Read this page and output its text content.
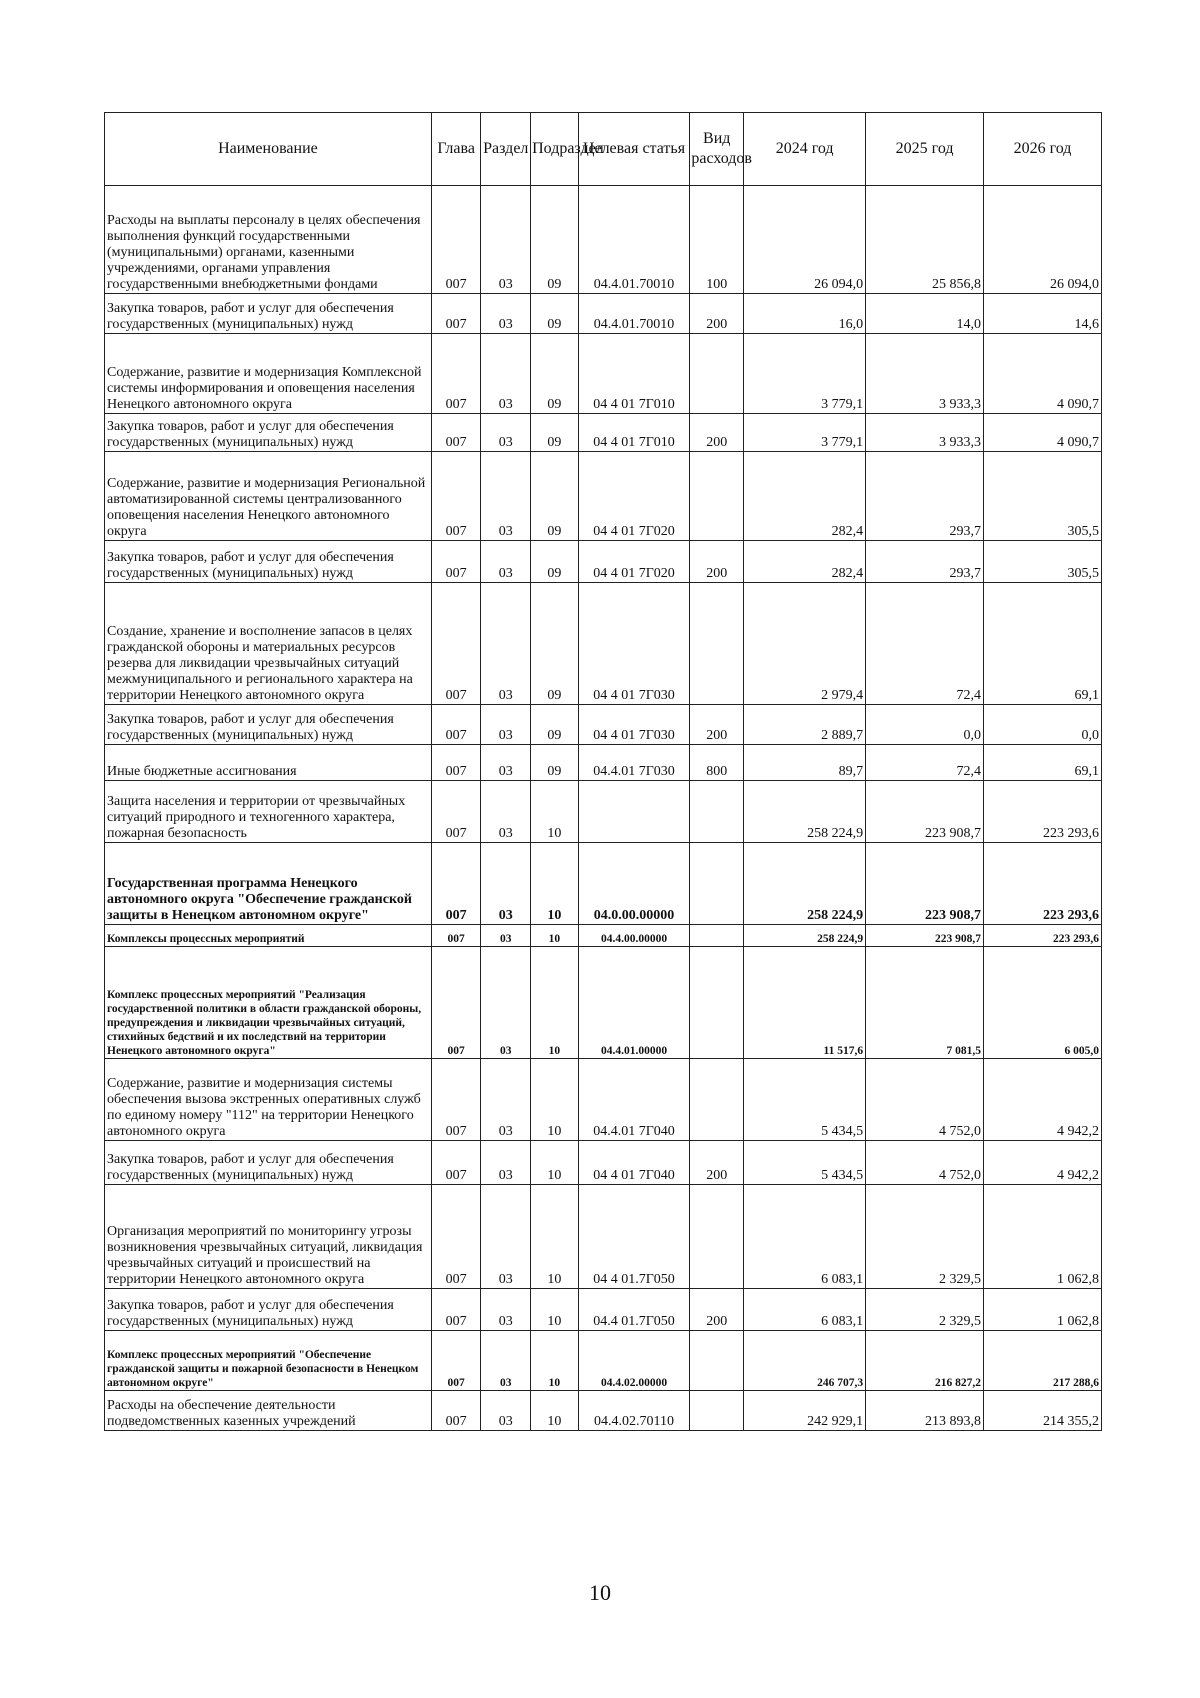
Наименование	Глава	Раздел	Подраздел	Целевая статья	Вид расходов	2024 год	2025 год	2026 год
Расходы на выплаты персоналу в целях обеспечения выполнения функций государственными (муниципальными) органами, казенными учреждениями, органами управления государственными внебюджетными фондами	007	03	09	04.4.01.70010	100	26 094,0	25 856,8	26 094,0
Закупка товаров, работ и услуг для обеспечения государственных (муниципальных) нужд	007	03	09	04.4.01.70010	200	16,0	14,0	14,6
Содержание, развитие и модернизация Комплексной системы информирования и оповещения населения Ненецкого автономного округа	007	03	09	04 4 01 7Г010		3 779,1	3 933,3	4 090,7
Закупка товаров, работ и услуг для обеспечения государственных (муниципальных) нужд	007	03	09	04 4 01 7Г010	200	3 779,1	3 933,3	4 090,7
Содержание, развитие и модернизация Региональной автоматизированной системы централизованного оповещения населения Ненецкого автономного округа	007	03	09	04 4 01 7Г020		282,4	293,7	305,5
Закупка товаров, работ и услуг для обеспечения государственных (муниципальных) нужд	007	03	09	04 4 01 7Г020	200	282,4	293,7	305,5
Создание, хранение и восполнение запасов в целях гражданской обороны и материальных ресурсов резерва для ликвидации чрезвычайных ситуаций межмуниципального и регионального характера на территории Ненецкого автономного округа	007	03	09	04 4 01 7Г030		2 979,4	72,4	69,1
Закупка товаров, работ и услуг для обеспечения государственных (муниципальных) нужд	007	03	09	04 4 01 7Г030	200	2 889,7	0,0	0,0
Иные бюджетные ассигнования	007	03	09	04.4.01 7Г030	800	89,7	72,4	69,1
Защита населения и территории от чрезвычайных ситуаций природного и техногенного характера, пожарная безопасность	007	03	10			258 224,9	223 908,7	223 293,6
Государственная программа Ненецкого автономного округа "Обеспечение гражданской защиты в Ненецком автономном округе"	007	03	10	04.0.00.00000		258 224,9	223 908,7	223 293,6
Комплексы процессных мероприятий	007	03	10	04.4.00.00000		258 224,9	223 908,7	223 293,6
Комплекс процессных мероприятий "Реализация государственной политики в области гражданской обороны, предупреждения и ликвидации чрезвычайных ситуаций, стихийных бедствий и их последствий на территории Ненецкого автономного округа"	007	03	10	04.4.01.00000		11 517,6	7 081,5	6 005,0
Содержание, развитие и модернизация системы обеспечения вызова экстренных оперативных служб по единому номеру "112" на территории Ненецкого автономного округа	007	03	10	04.4.01 7Г040		5 434,5	4 752,0	4 942,2
Закупка товаров, работ и услуг для обеспечения государственных (муниципальных) нужд	007	03	10	04 4 01 7Г040	200	5 434,5	4 752,0	4 942,2
Организация мероприятий по мониторингу угрозы возникновения чрезвычайных ситуаций, ликвидация чрезвычайных ситуаций и происшествий на территории Ненецкого автономного округа	007	03	10	04 4 01.7Г050		6 083,1	2 329,5	1 062,8
Закупка товаров, работ и услуг для обеспечения государственных (муниципальных) нужд	007	03	10	04.4 01.7Г050	200	6 083,1	2 329,5	1 062,8
Комплекс процессных мероприятий "Обеспечение гражданской защиты и пожарной безопасности в Ненецком автономном округе"	007	03	10	04.4.02.00000		246 707,3	216 827,2	217 288,6
Расходы на обеспечение деятельности подведомственных казенных учреждений	007	03	10	04.4.02.70110		242 929,1	213 893,8	214 355,2
10
